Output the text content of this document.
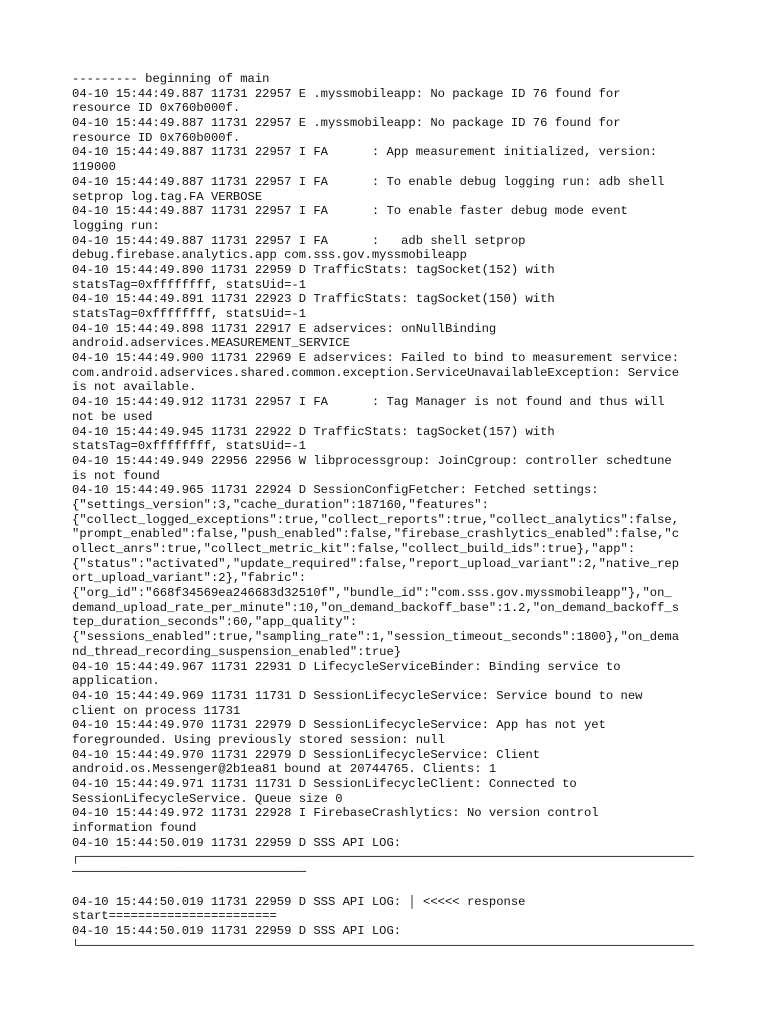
--------- beginning of main
04-10 15:44:49.887 11731 22957 E .myssmobileapp: No package ID 76 found for
resource ID 0x760b000f.
04-10 15:44:49.887 11731 22957 E .myssmobileapp: No package ID 76 found for
resource ID 0x760b000f.
04-10 15:44:49.887 11731 22957 I FA      : App measurement initialized, version:
119000
04-10 15:44:49.887 11731 22957 I FA      : To enable debug logging run: adb shell
setprop log.tag.FA VERBOSE
04-10 15:44:49.887 11731 22957 I FA      : To enable faster debug mode event
logging run:
04-10 15:44:49.887 11731 22957 I FA      :   adb shell setprop
debug.firebase.analytics.app com.sss.gov.myssmobileapp
04-10 15:44:49.890 11731 22959 D TrafficStats: tagSocket(152) with
statsTag=0xffffffff, statsUid=-1
04-10 15:44:49.891 11731 22923 D TrafficStats: tagSocket(150) with
statsTag=0xffffffff, statsUid=-1
04-10 15:44:49.898 11731 22917 E adservices: onNullBinding
android.adservices.MEASUREMENT_SERVICE
04-10 15:44:49.900 11731 22969 E adservices: Failed to bind to measurement service:
com.android.adservices.shared.common.exception.ServiceUnavailableException: Service
is not available.
04-10 15:44:49.912 11731 22957 I FA      : Tag Manager is not found and thus will
not be used
04-10 15:44:49.945 11731 22922 D TrafficStats: tagSocket(157) with
statsTag=0xffffffff, statsUid=-1
04-10 15:44:49.949 22956 22956 W libprocessgroup: JoinCgroup: controller schedtune
is not found
04-10 15:44:49.965 11731 22924 D SessionConfigFetcher: Fetched settings:
{"settings_version":3,"cache_duration":187160,"features":
{"collect_logged_exceptions":true,"collect_reports":true,"collect_analytics":false,
"prompt_enabled":false,"push_enabled":false,"firebase_crashlytics_enabled":false,"c
ollect_anrs":true,"collect_metric_kit":false,"collect_build_ids":true},"app":
{"status":"activated","update_required":false,"report_upload_variant":2,"native_rep
ort_upload_variant":2},"fabric":
{"org_id":"668f34569ea246683d32510f","bundle_id":"com.sss.gov.myssmobileapp"},"on_
demand_upload_rate_per_minute":10,"on_demand_backoff_base":1.2,"on_demand_backoff_s
tep_duration_seconds":60,"app_quality":
{"sessions_enabled":true,"sampling_rate":1,"session_timeout_seconds":1800},"on_dema
nd_thread_recording_suspension_enabled":true}
04-10 15:44:49.967 11731 22931 D LifecycleServiceBinder: Binding service to
application.
04-10 15:44:49.969 11731 11731 D SessionLifecycleService: Service bound to new
client on process 11731
04-10 15:44:49.970 11731 22979 D SessionLifecycleService: App has not yet
foregrounded. Using previously stored session: null
04-10 15:44:49.970 11731 22979 D SessionLifecycleService: Client
android.os.Messenger@2b1ea81 bound at 20744765. Clients: 1
04-10 15:44:49.971 11731 11731 D SessionLifecycleClient: Connected to
SessionLifecycleService. Queue size 0
04-10 15:44:49.972 11731 22928 I FirebaseCrashlytics: No version control
information found
04-10 15:44:50.019 11731 22959 D SSS API LOG:
┌────────────────────────────────────────────────────────────────────────────────────
────────────────────────────────
04-10 15:44:50.019 11731 22959 D SSS API LOG: │ <<<<< response
start=======================
04-10 15:44:50.019 11731 22959 D SSS API LOG:
└────────────────────────────────────────────────────────────────────────────────────
